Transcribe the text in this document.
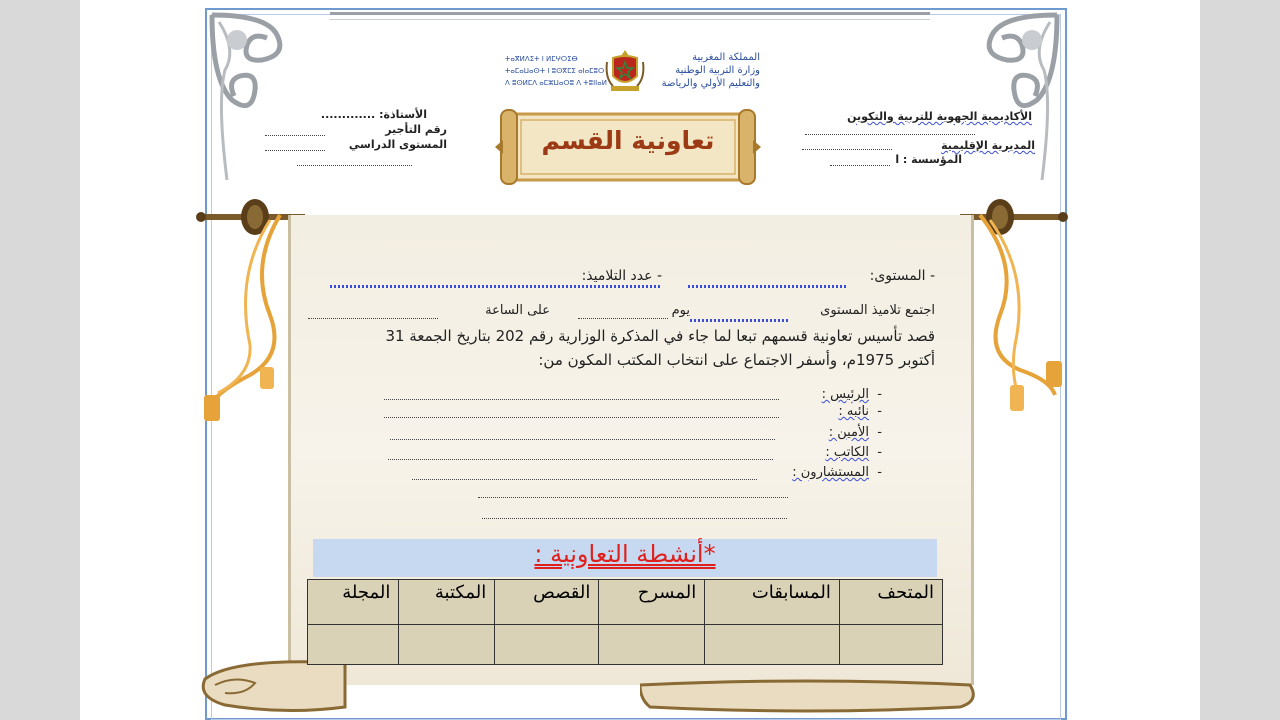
ⵜⴰⴳⵍⴷⵉⵜ ⵏ ⵍⵎⵖⵔⵉⴱ
ⵜⴰⵎⴰⵡⴰⵙⵜ ⵏ ⵓⵙⴳⵎⵉ ⴰⵏⴰⵎⵓⵔ
ⴷ ⵓⵙⵍⵎⴷ ⴰⵎⵣⵡⴰⵔⵓ ⴷ ⵜⵓⵏⵏⴰⵍ
المملكة المغربية
وزارة التربية الوطنية
والتعليم الأولي والرياضة
تعاونية القسم
الأكاديمية الجهوية للتربية والتكوين
المديرية الإقليمية
المؤسسة : ا
الأستاذة: .............
رقم التأجير
المستوى الدراسي
- المستوى:
- عدد التلاميذ:
اجتمع تلاميذ المستوى
يوم
على الساعة
قصد تأسيس تعاونية قسمهم تبعا لما جاء في المذكرة الوزارية رقم 202 بتاريخ الجمعة 31
أكتوبر 1975م، وأسفر الاجتماع على انتخاب المكتب المكون من:
-  الرئيس :
-  نائبه :
-  الأمين :
-  الكاتب :
-  المستشارون :
*أنشطة التعاونية :
المتحف	المسابقات	المسرح	القصص	المكتبة	المجلة
